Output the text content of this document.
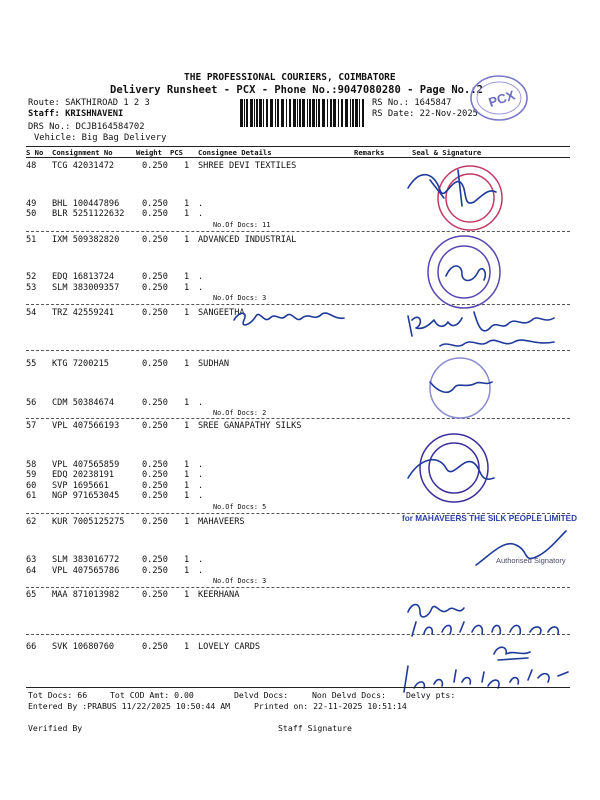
THE PROFESSIONAL COURIERS, COIMBATORE
Delivery Runsheet - PCX - Phone No.:9047080280 - Page No.:2
Route: SAKTHIROAD 1 2 3
Staff: KRISHNAVENI
DRS No.: DCJB164584702
Vehicle: Big Bag Delivery
RS No.: 1645847
RS Date: 22-Nov-2025
PCX
S No Consignment No	Weight PCS Consignee Details	Remarks	Seal & Signature
48 TCG 42031472	0.250 1 SHREE DEVI TEXTILES
49 BHL 100447896	0.250 1 .
50 BLR 5251122632 0.250 1 .
No.Of Docs: 11
51 IXM 509382820	0.250 1 ADVANCED INDUSTRIAL
52 EDQ 16813724	0.250 1 .
53 SLM 383009357	0.250 1 .
No.Of Docs: 3
54 TRZ 42559241	0.250 1 SANGEETHA
55 KTG 7200215	0.250 1 SUDHAN
56 CDM 50384674	0.250 1 .
No.Of Docs: 2
57 VPL 407566193	0.250 1 SREE GANAPATHY SILKS
58 VPL 407565859	0.250 1 .
59 EDQ 20238191	0.250 1 .
60 SVP 1695661	0.250 1 .
61 NGP 971653045	0.250 1 .
No.Of Docs: 5
62 KUR 7005125275 0.250 1 MAHAVEERS
63 SLM 383016772	0.250 1 .
64 VPL 407565786	0.250 1 .
No.Of Docs: 3
65 MAA 871013982	0.250 1 KEERHANA
66 SVK 10680760	0.250 1 LOVELY CARDS
for MAHAVEERS THE SILK PEOPLE LIMITED
Authorised Signatory
Tot Docs: 66	Tot COD Amt: 0.00	Delvd Docs:	Non Delvd Docs: Delvy pts:
Entered By :PRABUS 11/22/2025 10:50:44 AM	Printed on: 22-11-2025 10:51:14
Verified By	Staff Signature
